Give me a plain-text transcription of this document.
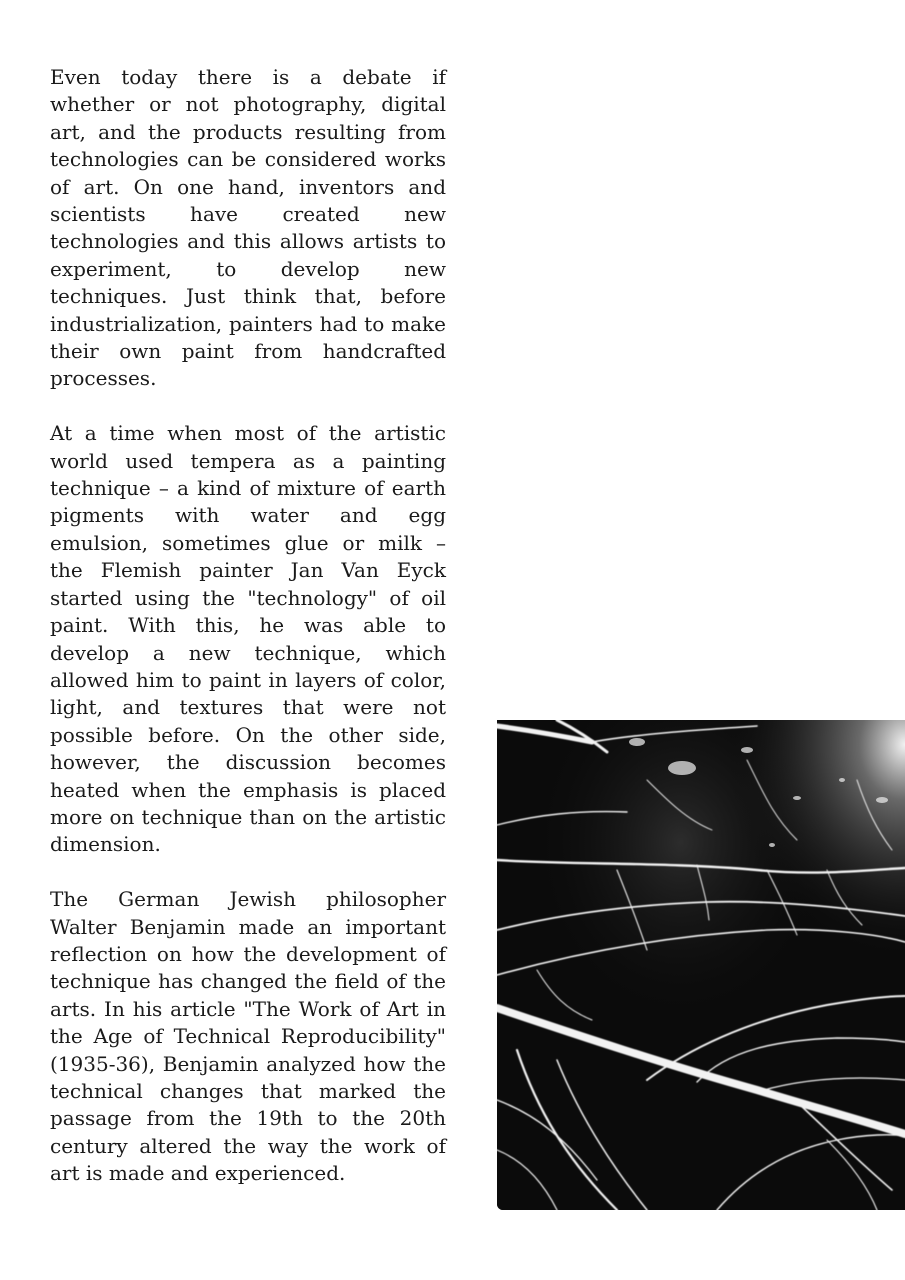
Even today there is a debate if whether or not photography, digital art, and the products resulting from technologies can be considered works of art. On one hand, inventors and scientists have created new technologies and this allows artists to experiment, to develop new techniques. Just think that, before industrialization, painters had to make their own paint from handcrafted processes.

At a time when most of the artistic world used tempera as a painting technique – a kind of mixture of earth pigments with water and egg emulsion, sometimes glue or milk – the Flemish painter Jan Van Eyck started using the "technology" of oil paint. With this, he was able to develop a new technique, which allowed him to paint in layers of color, light, and textures that were not possible before. On the other side, however, the discussion becomes heated when the emphasis is placed more on technique than on the artistic dimension.

The German Jewish philosopher Walter Benjamin made an important reflection on how the development of technique has changed the field of the arts. In his article "The Work of Art in the Age of Technical Reproducibility" (1935-36), Benjamin analyzed how the technical changes that marked the passage from the 19th to the 20th century altered the way the work of art is made and experienced.
